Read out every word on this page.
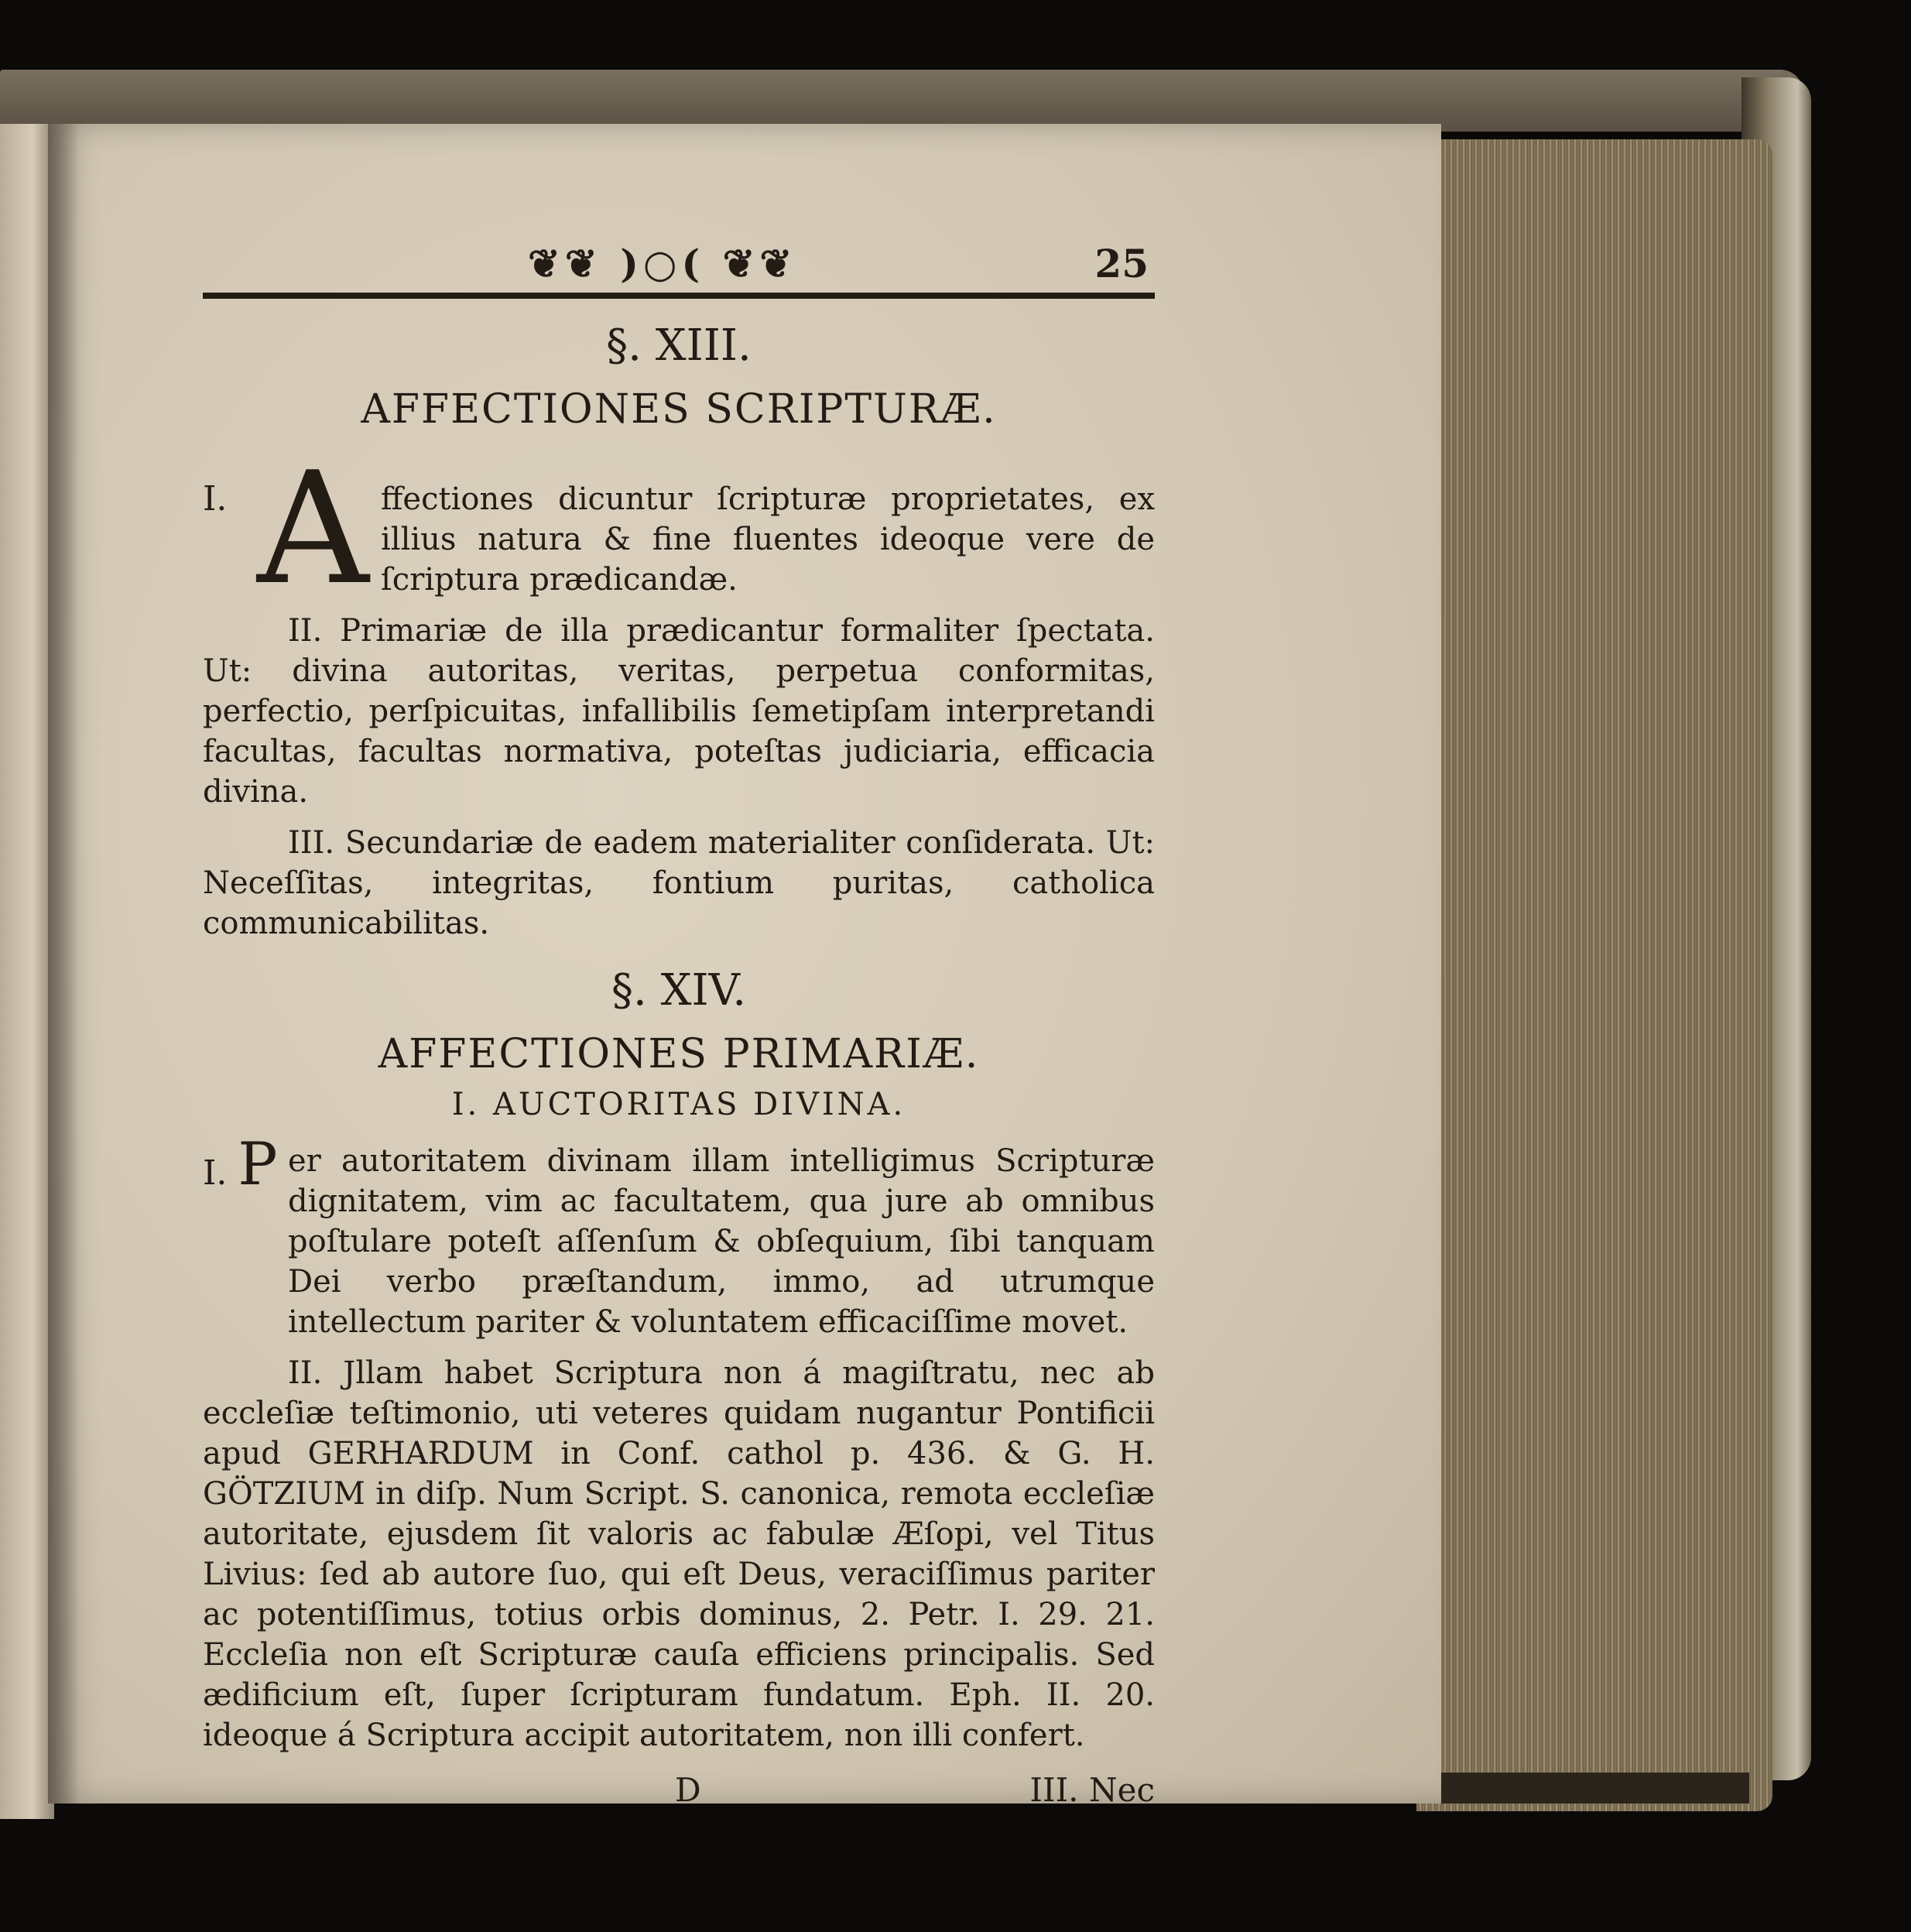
❦❦ )○( ❦❦	25
§. XIII.
AFFECTIONES SCRIPTURÆ.
I. A ffectiones dicuntur ſcripturæ proprietates, ex illius natura & fine fluentes ideoque vere de ſcriptura prædicandæ.

II. Primariæ de illa prædicantur formaliter ſpectata. Ut: divina autoritas, veritas, perpetua conformitas, perfectio, perſpicuitas, infallibilis ſemetipſam interpretandi facultas, facultas normativa, poteſtas judiciaria, efficacia divina.

III. Secundariæ de eadem materialiter conſiderata. Ut: Neceſſitas, integritas, fontium puritas, catholica communicabilitas.

§. XIV.
AFFECTIONES PRIMARIÆ.
I. AUCTORITAS DIVINA.
I. P er autoritatem divinam illam intelligimus Scripturæ dignitatem, vim ac facultatem, qua jure ab omnibus poſtulare poteſt aſſenſum & obſequium, ſibi tanquam Dei verbo præſtandum, immo, ad utrumque intellectum pariter & voluntatem efficaciſſime movet.

II. Jllam habet Scriptura non á magiſtratu, nec ab eccleſiæ teſtimonio, uti veteres quidam nugantur Pontificii apud GERHARDUM in Conf. cathol p. 436. & G. H. GÖTZIUM in diſp. Num Script. S. canonica, remota eccleſiæ autoritate, ejusdem ſit valoris ac fabulæ Æſopi, vel Titus Livius: ſed ab autore ſuo, qui eſt Deus, veraciſſimus pariter ac potentiſſimus, totius orbis dominus, 2. Petr. I. 29. 21. Eccleſia non eſt Scripturæ cauſa efficiens principalis. Sed ædificium eſt, ſuper ſcripturam fundatum. Eph. II. 20. ideoque á Scriptura accipit autoritatem, non illi confert.

D	III. Nec
